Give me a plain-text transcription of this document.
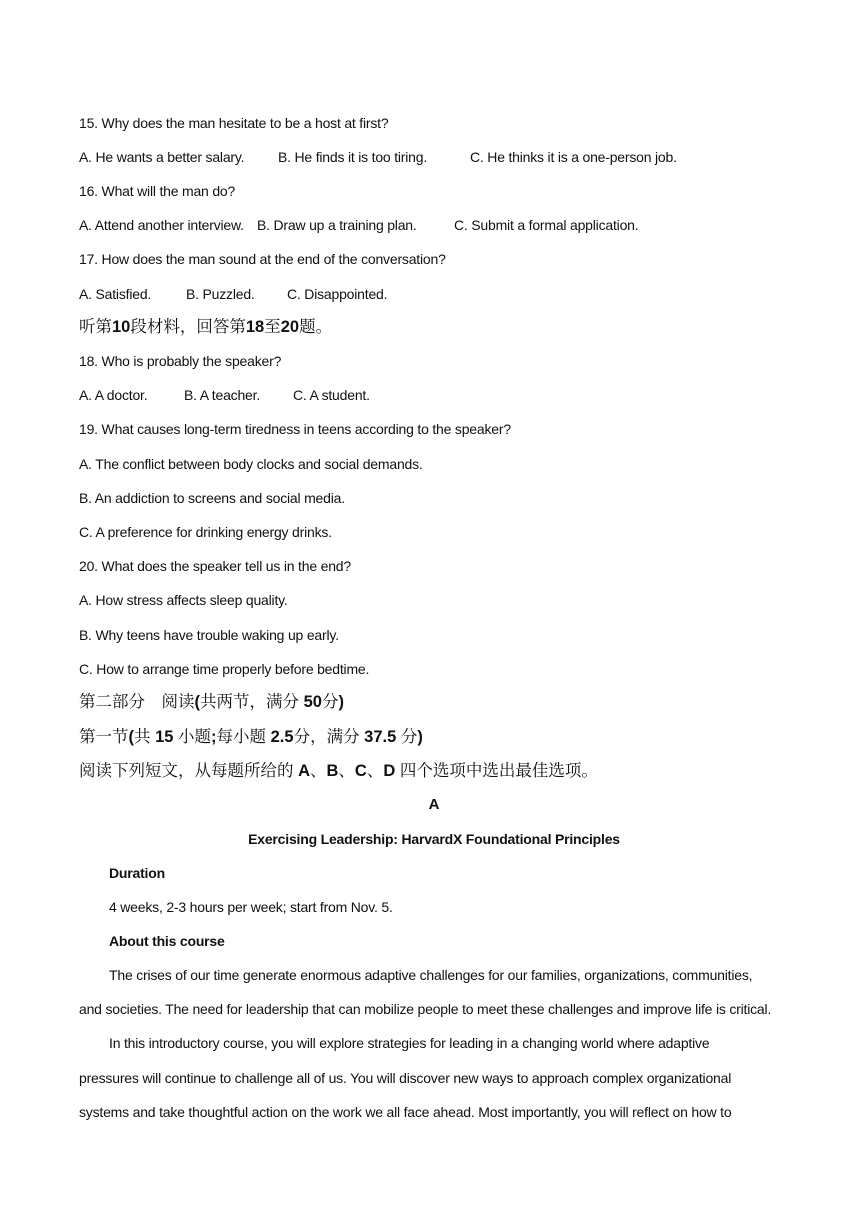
15. Why does the man hesitate to be a host at first?
A. He wants a better salary. B. He finds it is too tiring.	C. He thinks it is a one-person job.
16. What will the man do?
A. Attend another interview. B. Draw up a training plan.	C. Submit a formal application.
17. How does the man sound at the end of the conversation?
A. Satisfied. B. Puzzled. C. Disappointed.
听第10段材料，回答第18至20题。
18. Who is probably the speaker?
A. A doctor.	B. A teacher. C. A student.
19. What causes long-term tiredness in teens according to the speaker?
A. The conflict between body clocks and social demands.
B. An addiction to screens and social media.
C. A preference for drinking energy drinks.
20. What does the speaker tell us in the end?
A. How stress affects sleep quality.
B. Why teens have trouble waking up early.
C. How to arrange time properly before bedtime.
第二部分　阅读(共两节，满分 50分)
第一节(共 15 小题;每小题 2.5分，满分 37.5 分)
阅读下列短文，从每题所给的 A、B、C、D 四个选项中选出最佳选项。
A
Exercising Leadership: HarvardX Foundational Principles
Duration
4 weeks, 2-3 hours per week; start from Nov. 5.
About this course
The crises of our time generate enormous adaptive challenges for our families, organizations, communities,
and societies. The need for leadership that can mobilize people to meet these challenges and improve life is critical.
In this introductory course, you will explore strategies for leading in a changing world where adaptive
pressures will continue to challenge all of us. You will discover new ways to approach complex organizational
systems and take thoughtful action on the work we all face ahead. Most importantly, you will reflect on how to
